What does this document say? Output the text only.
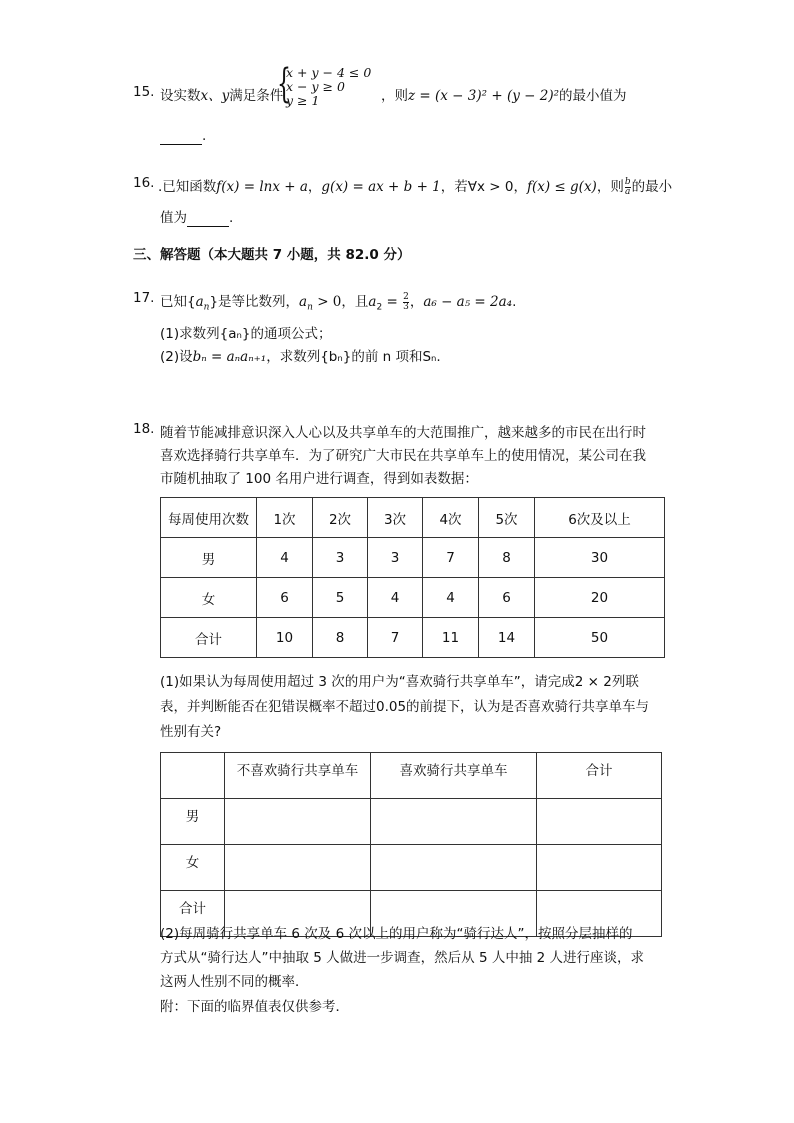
15. 设实数x、y满足条件
{
x + y − 4 ≤ 0
x − y ≥ 0
y ≥ 1	，则z = (x − 3)² + (y − 2)²的最小值为
.
16. .已知函数f(x) = lnx + a，g(x) = ax + b + 1，若∀x > 0，f(x) ≤ g(x)，则 $\frac{b}{a}$ 的最小
值为	.
三、解答题（本大题共 7 小题，共 82.0 分）
17. 已知$\{a_n\}$是等比数列，$a_n > 0$，且$a_2 = \frac{2}{3}$ ，a₆ − a₅ = 2a₄.
(1)求数列{aₙ}的通项公式；
(2)设bₙ = aₙaₙ₊₁，求数列{bₙ}的前 n 项和Sₙ.
18. 随着节能减排意识深入人心以及共享单车的大范围推广，越来越多的市民在出行时
喜欢选择骑行共享单车．为了研究广大市民在共享单车上的使用情况，某公司在我
市随机抽取了 100 名用户进行调查，得到如表数据：
每周使用次数	1次	2次	3次	4次	5次	6次及以上
男	4	3	3	7	8	30
女	6	5	4	4	6	20
合计	10	8	7	11	14	50
(1)如果认为每周使用超过 3 次的用户为“喜欢骑行共享单车”，请完成2 × 2列联
表，并判断能否在犯错误概率不超过0.05的前提下，认为是否喜欢骑行共享单车与
性别有关?
	不喜欢骑行共享单车	喜欢骑行共享单车	合计
男			
女			
合计			
(2)每周骑行共享单车 6 次及 6 次以上的用户称为“骑行达人”，按照分层抽样的
方式从“骑行达人”中抽取 5 人做进一步调查，然后从 5 人中抽 2 人进行座谈，求
这两人性别不同的概率．
附：下面的临界值表仅供参考．
